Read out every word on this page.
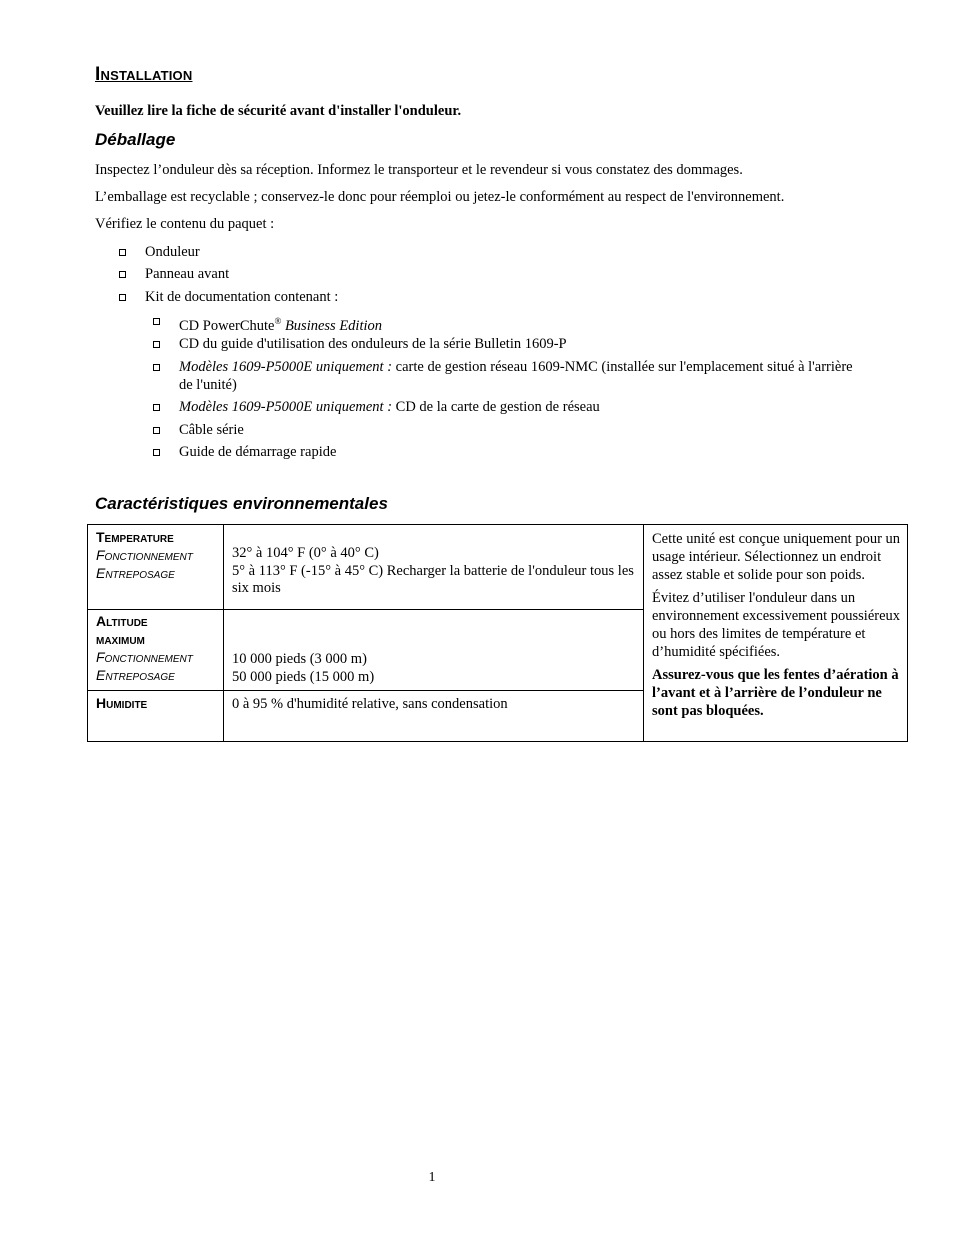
Installation
Veuillez lire la fiche de sécurité avant d'installer l'onduleur.
Déballage
Inspectez l’onduleur dès sa réception. Informez le transporteur et le revendeur si vous constatez des dommages.
L’emballage est recyclable ; conservez-le donc pour réemploi ou jetez-le conformément au respect de l'environnement.
Vérifiez le contenu du paquet :
Onduleur
Panneau avant
Kit de documentation contenant :
CD PowerChute® Business Edition
CD du guide d'utilisation des onduleurs de la série Bulletin 1609-P
Modèles 1609-P5000E uniquement : carte de gestion réseau 1609-NMC (installée sur l'emplacement situé à l'arrière de l'unité)
Modèles 1609-P5000E uniquement : CD de la carte de gestion de réseau
Câble série
Guide de démarrage rapide
Caractéristiques environnementales
Temperature
Fonctionnement
Entreposage
32° à 104° F (0° à 40° C)
5° à 113° F (-15° à 45° C) Recharger la batterie de l'onduleur tous les six mois
Altitude
maximum
Fonctionnement
Entreposage
10 000 pieds (3 000 m)
50 000 pieds (15 000 m)
Humidite	0 à 95 % d'humidité relative, sans condensation

Cette unité est conçue uniquement pour un usage intérieur. Sélectionnez un endroit assez stable et solide pour son poids.

Évitez d’utiliser l'onduleur dans un environnement excessivement poussiéreux ou hors des limites de température et d’humidité spécifiées.

Assurez-vous que les fentes d’aération à l’avant et à l’arrière de l’onduleur ne sont pas bloquées.

1
